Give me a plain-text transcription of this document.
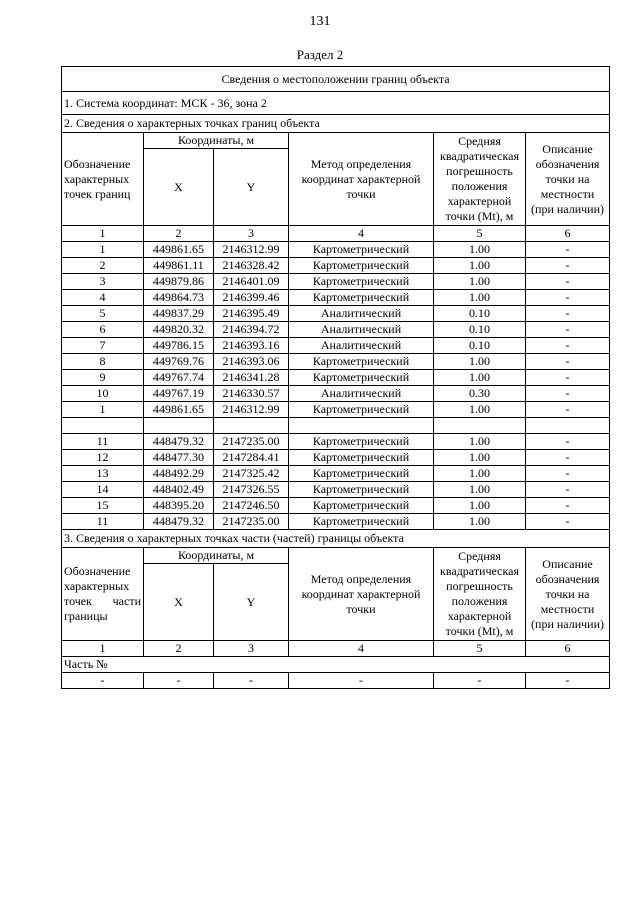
131
Раздел 2
Сведения о местоположении границ объекта					
1. Система координат: МСК - 36, зона 2					
2. Сведения о характерных точках границ объекта					
Обозначение характерных точек границ	Координаты, м		Метод определения координат характерной точки	Средняя квадратическая погрешность положения характерной точки (Mt), м	Описание обозначения точки на местности (при наличии)
	X	Y			
1	2	3	4	5	6
1	449861.65	2146312.99	Картометрический	1.00	-
2	449861.11	2146328.42	Картометрический	1.00	-
3	449879.86	2146401.09	Картометрический	1.00	-
4	449864.73	2146399.46	Картометрический	1.00	-
5	449837.29	2146395.49	Аналитический	0.10	-
6	449820.32	2146394.72	Аналитический	0.10	-
7	449786.15	2146393.16	Аналитический	0.10	-
8	449769.76	2146393.06	Картометрический	1.00	-
9	449767.74	2146341.28	Картометрический	1.00	-
10	449767.19	2146330.57	Аналитический	0.30	-
1	449861.65	2146312.99	Картометрический	1.00	-

11	448479.32	2147235.00	Картометрический	1.00	-
12	448477.30	2147284.41	Картометрический	1.00	-
13	448492.29	2147325.42	Картометрический	1.00	-
14	448402.49	2147326.55	Картометрический	1.00	-
15	448395.20	2147246.50	Картометрический	1.00	-
11	448479.32	2147235.00	Картометрический	1.00	-
3. Сведения о характерных точках части (частей) границы объекта					

Обозначение характерных
точек части
границы	Координаты, м		Метод определения координат характерной точки	Средняя квадратическая погрешность положения характерной точки (Mt), м	Описание обозначения точки на местности (при наличии)
	X	Y			
1	2	3	4	5	6
Часть №					
-	-	-	-	-	-
